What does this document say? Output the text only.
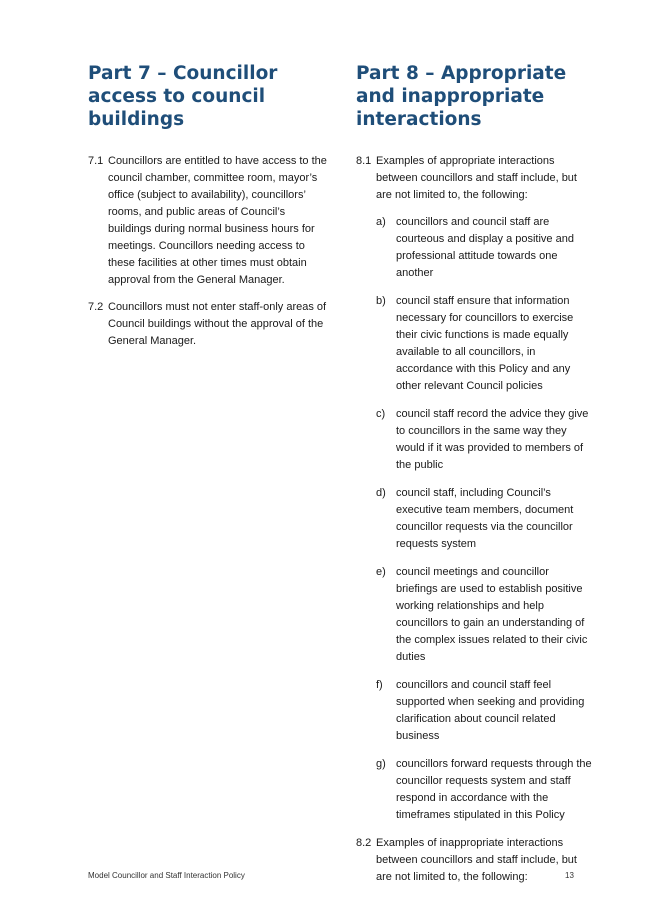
Part 7 – Councillor access to council buildings
7.1 Councillors are entitled to have access to the council chamber, committee room, mayor’s office (subject to availability), councillors’ rooms, and public areas of Council’s buildings during normal business hours for meetings. Councillors needing access to these facilities at other times must obtain approval from the General Manager.
7.2 Councillors must not enter staff-only areas of Council buildings without the approval of the General Manager.
Part 8 – Appropriate and inappropriate interactions
8.1 Examples of appropriate interactions between councillors and staff include, but are not limited to, the following:
a) councillors and council staff are courteous and display a positive and professional attitude towards one another
b) council staff ensure that information necessary for councillors to exercise their civic functions is made equally available to all councillors, in accordance with this Policy and any other relevant Council policies
c) council staff record the advice they give to councillors in the same way they would if it was provided to members of the public
d) council staff, including Council’s executive team members, document councillor requests via the councillor requests system
e) council meetings and councillor briefings are used to establish positive working relationships and help councillors to gain an understanding of the complex issues related to their civic duties
f) councillors and council staff feel supported when seeking and providing clarification about council related business
g) councillors forward requests through the councillor requests system and staff respond in accordance with the timeframes stipulated in this Policy
8.2 Examples of inappropriate interactions between councillors and staff include, but are not limited to, the following:
Model Councillor and Staff Interaction Policy	13
